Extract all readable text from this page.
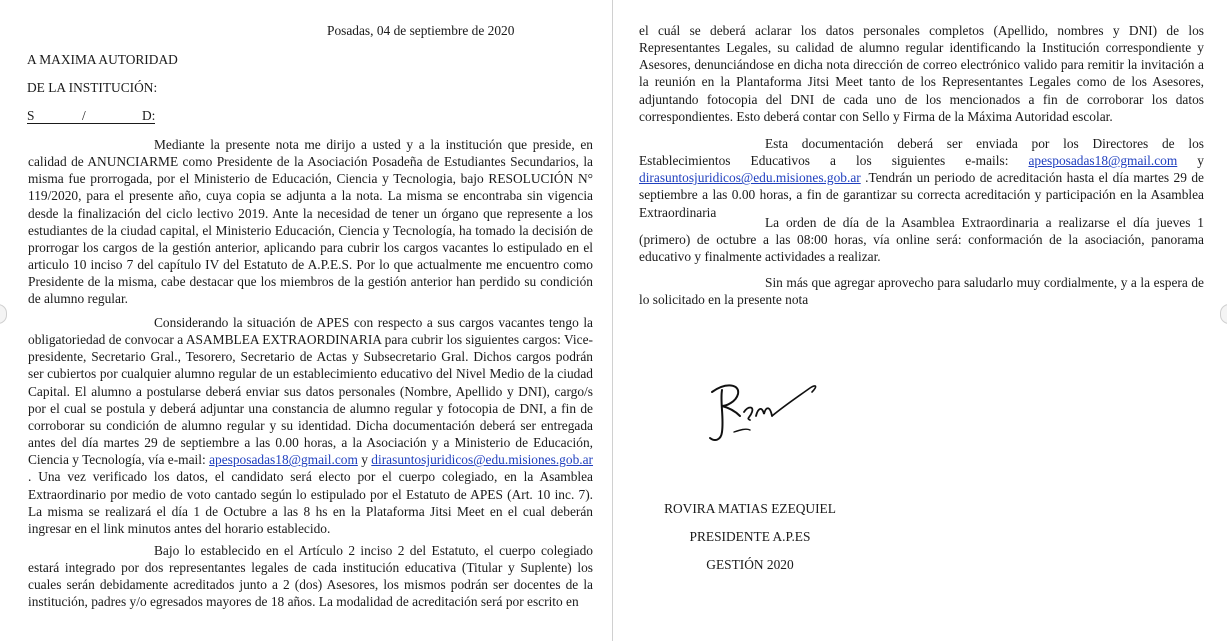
Posadas, 04 de septiembre de 2020
A MAXIMA AUTORIDAD
DE LA INSTITUCIÓN:
S	/	D:

Mediante la presente nota me dirijo a usted y a la institución que preside, en calidad de ANUNCIARME como Presidente de la Asociación Posadeña de Estudiantes Secundarios, la misma fue prorrogada, por el Ministerio de Educación, Ciencia y Tecnologia, bajo RESOLUCIÓN N° 119/2020, para el presente año, cuya copia se adjunta a la nota. La misma se encontraba sin vigencia desde la finalización del ciclo lectivo 2019. Ante la necesidad de tener un órgano que represente a los estudiantes de la ciudad capital, el Ministerio Educación, Ciencia y Tecnología, ha tomado la decisión de prorrogar los cargos de la gestión anterior, aplicando para cubrir los cargos vacantes lo estipulado en el articulo 10 inciso 7 del capítulo IV del Estatuto de A.P.E.S. Por lo que actualmente me encuentro como Presidente de la misma, cabe destacar que los miembros de la gestión anterior han perdido su condición de alumno regular.

Considerando la situación de APES con respecto a sus cargos vacantes tengo la obligatoriedad de convocar a ASAMBLEA EXTRAORDINARIA para cubrir los siguientes cargos: Vice-presidente, Secretario Gral., Tesorero, Secretario de Actas y Subsecretario Gral. Dichos cargos podrán ser cubiertos por cualquier alumno regular de un establecimiento educativo del Nivel Medio de la ciudad Capital. El alumno a postularse deberá enviar sus datos personales (Nombre, Apellido y DNI), cargo/s por el cual se postula y deberá adjuntar una constancia de alumno regular y fotocopia de DNI, a fin de corroborar su condición de alumno regular y su identidad. Dicha documentación deberá ser entregada antes del día martes 29 de septiembre a las 0.00 horas, a la Asociación y a Ministerio de Educación, Ciencia y Tecnología, vía e-mail: apesposadas18@gmail.com y dirasuntosjuridicos@edu.misiones.gob.ar . Una vez verificado los datos, el candidato será electo por el cuerpo colegiado, en la Asamblea Extraordinario por medio de voto cantado según lo estipulado por el Estatuto de APES (Art. 10 inc. 7). La misma se realizará el día 1 de Octubre a las 8 hs en la Plataforma Jitsi Meet en el cual deberán ingresar en el link minutos antes del horario establecido.

Bajo lo establecido en el Artículo 2 inciso 2 del Estatuto, el cuerpo colegiado estará integrado por dos representantes legales de cada institución educativa (Titular y Suplente) los cuales serán debidamente acreditados junto a 2 (dos) Asesores, los mismos podrán ser docentes de la institución, padres y/o egresados mayores de 18 años. La modalidad de acreditación será por escrito en

el cuál se deberá aclarar los datos personales completos (Apellido, nombres y DNI) de los Representantes Legales, su calidad de alumno regular identificando la Institución correspondiente y Asesores, denunciándose en dicha nota dirección de correo electrónico valido para remitir la invitación a la reunión en la Plantaforma Jitsi Meet tanto de los Representantes Legales como de los Asesores, adjuntando fotocopia del DNI de cada uno de los mencionados a fin de corroborar los datos correspondientes. Esto deberá contar con Sello y Firma de la Máxima Autoridad escolar.

Esta documentación deberá ser enviada por los Directores de los Establecimientos Educativos a los siguientes e-mails: apesposadas18@gmail.com y dirasuntosjuridicos@edu.misiones.gob.ar .Tendrán un periodo de acreditación hasta el día martes 29 de septiembre a las 0.00 horas, a fin de garantizar su correcta acreditación y participación en la Asamblea Extraordinaria

La orden de día de la Asamblea Extraordinaria a realizarse el día jueves 1 (primero) de octubre a las 08:00 horas, vía online será: conformación de la asociación, panorama educativo y finalmente actividades a realizar.

Sin más que agregar aprovecho para saludarlo muy cordialmente, y a la espera de lo solicitado en la presente nota

ROVIRA MATIAS EZEQUIEL
PRESIDENTE A.P.ES
GESTIÓN 2020
